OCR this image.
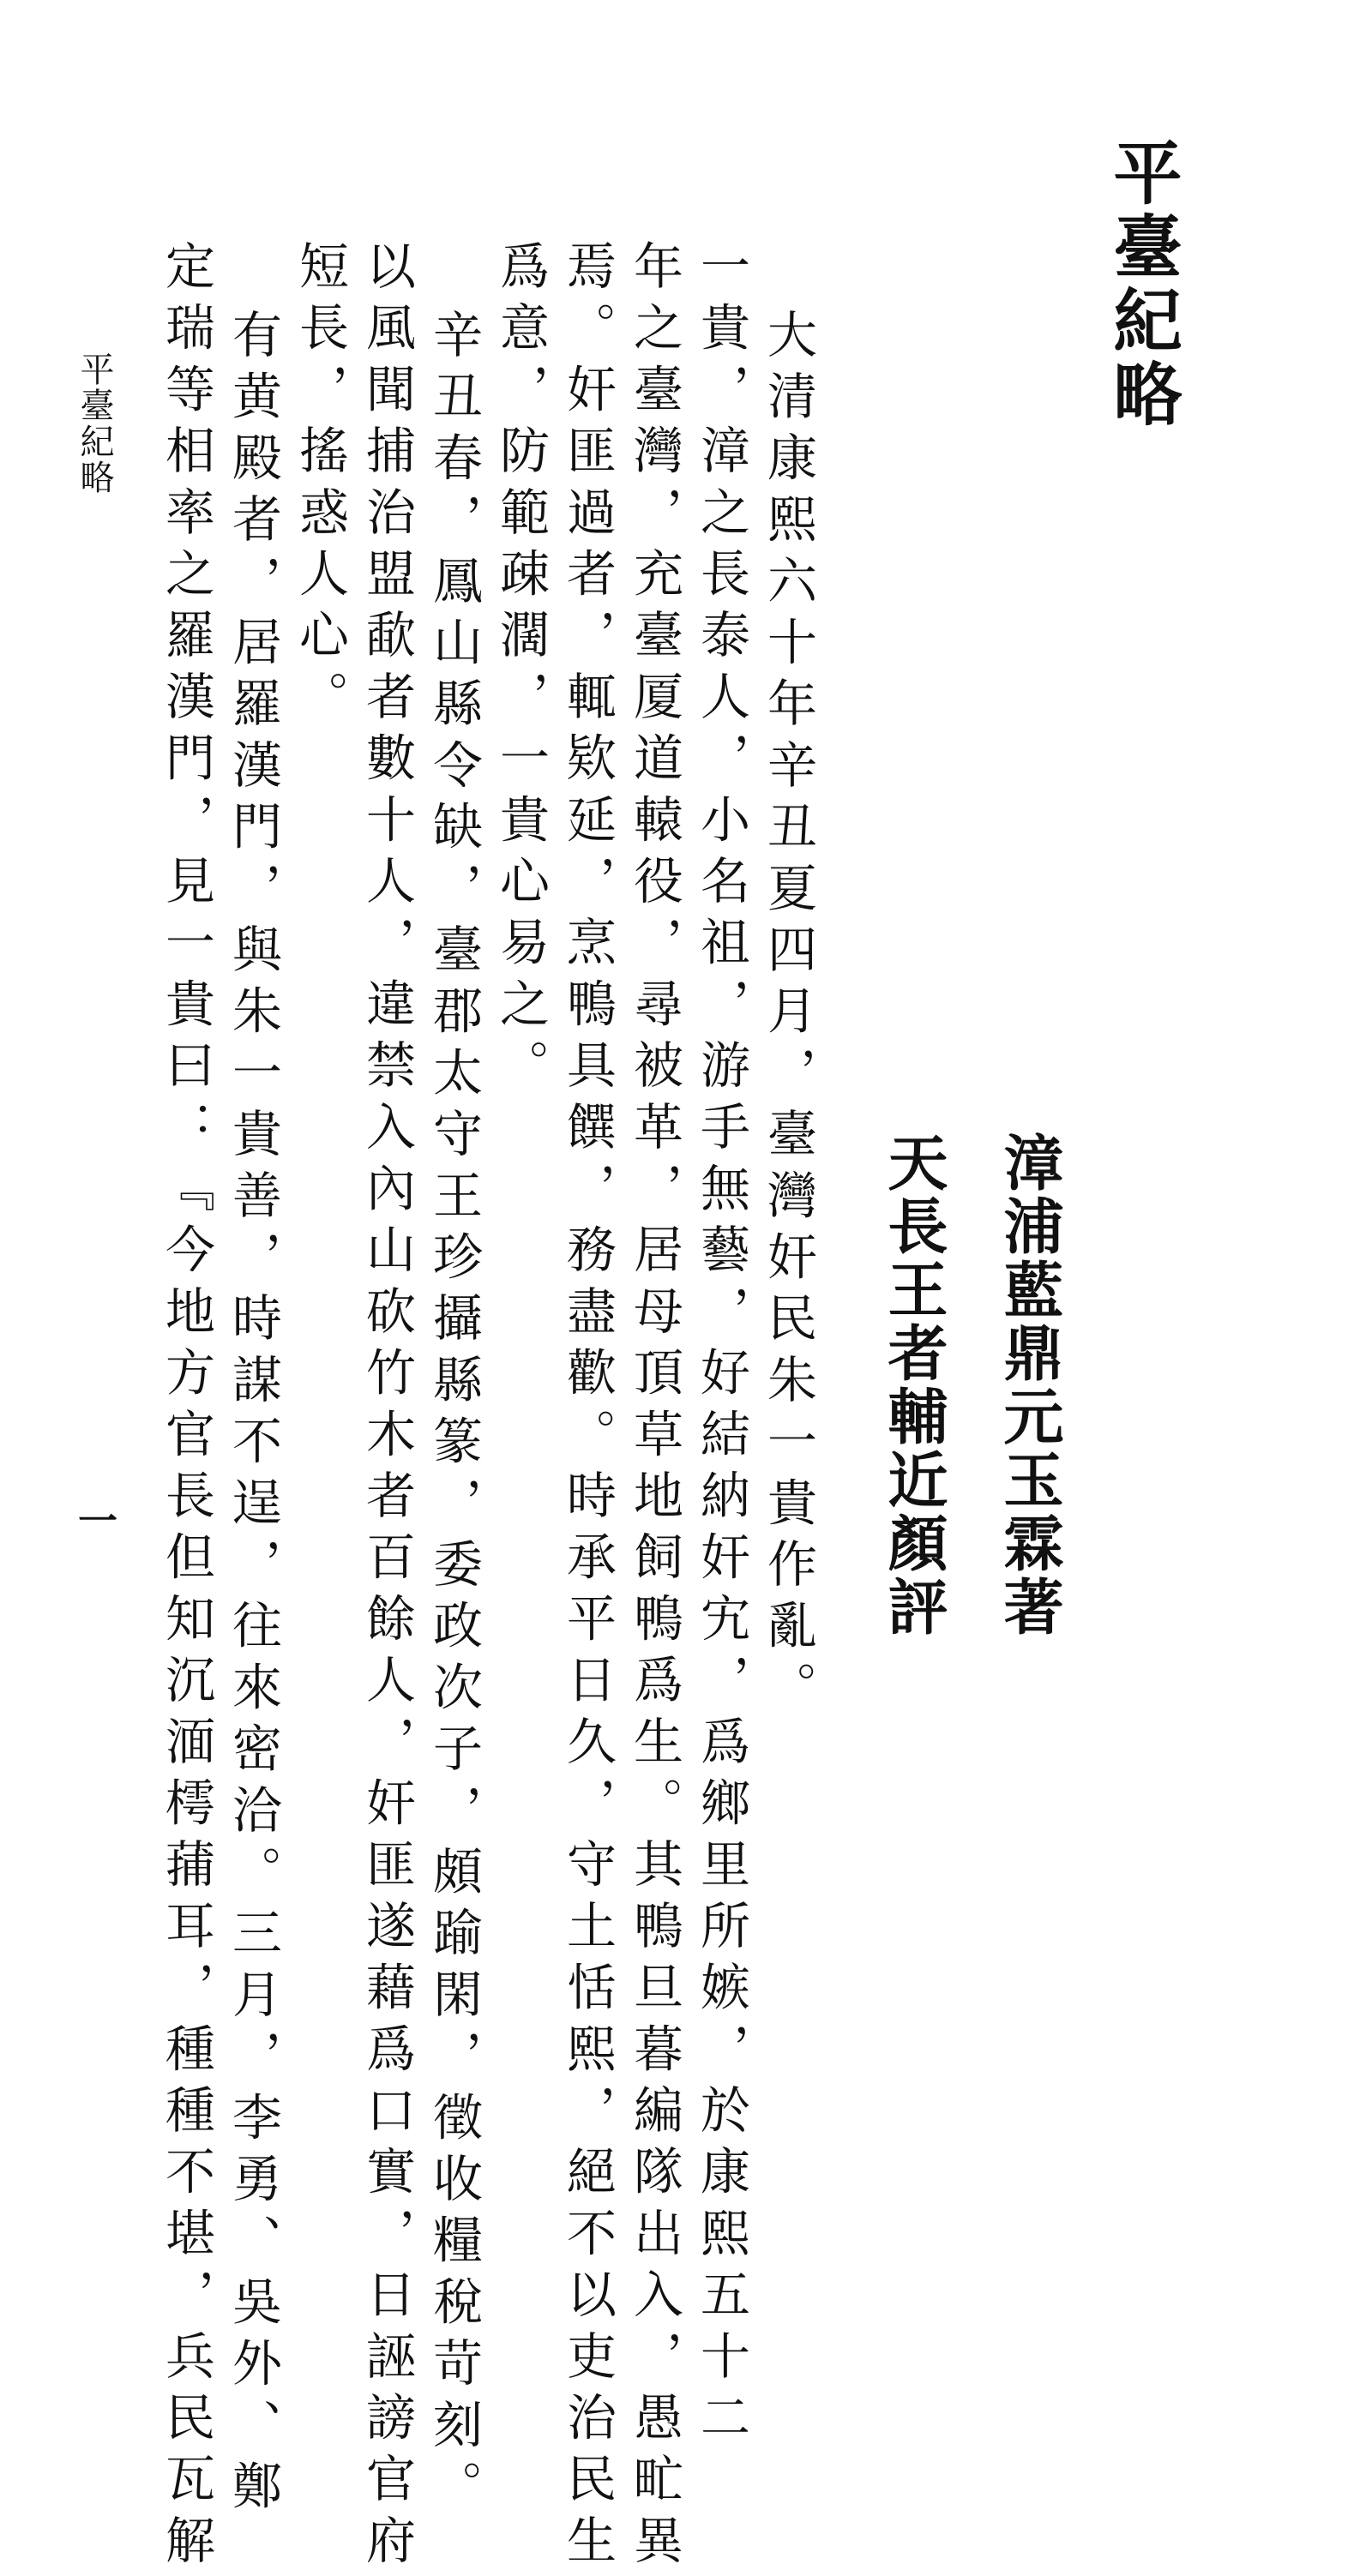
平臺紀略
漳浦藍鼎元玉霖著
天長王者輔近顏評
大清康熙六十年辛丑夏四月，臺灣奸民朱一貴作亂。
一貴，漳之長泰人，小名祖，游手無藝，好結納奸宄，爲鄉里所嫉，於康熙五十二
年之臺灣，充臺厦道轅役，尋被革，居母頂草地飼鴨爲生。其鴨旦暮編隊出入，愚甿異
焉。奸匪過者，輒欵延，烹鴨具饌，務盡歡。時承平日久，守土恬熙，絕不以吏治民生
爲意，防範疎濶，一貴心易之。
辛丑春，鳳山縣令缺，臺郡太守王珍攝縣篆，委政次子，頗踰閑，徵收糧稅苛刻。
以風聞捕治盟歃者數十人，違禁入內山砍竹木者百餘人，奸匪遂藉爲口實，日誣謗官府
短長，搖惑人心。
有黄殿者，居羅漢門，與朱一貴善，時謀不逞，往來密洽。三月，李勇、吳外、鄭
定瑞等相率之羅漢門，見一貴曰：『今地方官長但知沉湎樗蒱耳，種種不堪，兵民瓦解
平臺紀略
一
